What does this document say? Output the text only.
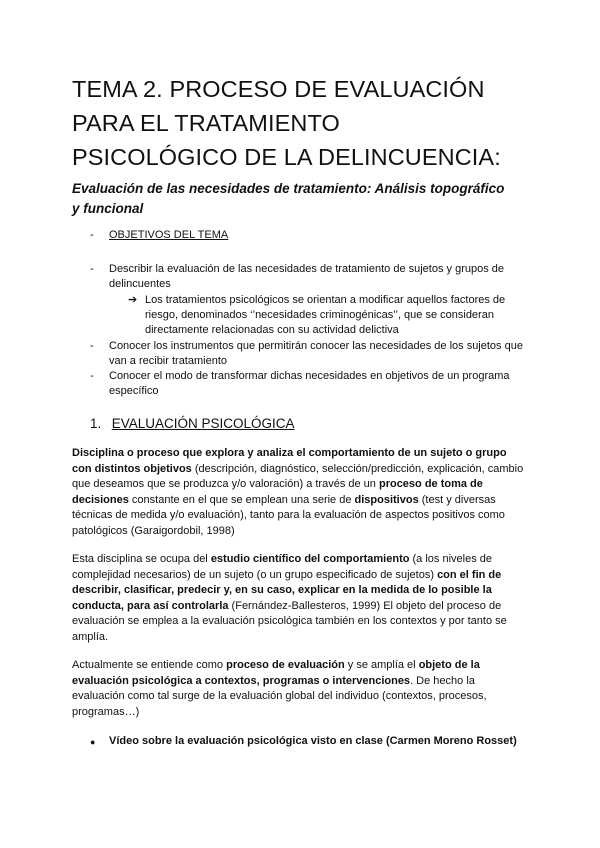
TEMA 2. PROCESO DE EVALUACIÓN
PARA EL TRATAMIENTO
PSICOLÓGICO DE LA DELINCUENCIA:
Evaluación de las necesidades de tratamiento: Análisis topográfico
y funcional
- OBJETIVOS DEL TEMA
- Describir la evaluación de las necesidades de tratamiento de sujetos y grupos de
delincuentes
➔ Los tratamientos psicológicos se orientan a modificar aquellos factores de
riesgo, denominados ‘’necesidades criminogénicas’’, que se consideran
directamente relacionadas con su actividad delictiva
- Conocer los instrumentos que permitirán conocer las necesidades de los sujetos que
van a recibir tratamiento
- Conocer el modo de transformar dichas necesidades en objetivos de un programa
específico
1. EVALUACIÓN PSICOLÓGICA
Disciplina o proceso que explora y analiza el comportamiento de un sujeto o grupo
con distintos objetivos (descripción, diagnóstico, selección/predicción, explicación, cambio
que deseamos que se produzca y/o valoración) a través de un proceso de toma de
decisiones constante en el que se emplean una serie de dispositivos (test y diversas
técnicas de medida y/o evaluación), tanto para la evaluación de aspectos positivos como
patológicos (Garaigordobil, 1998)
Esta disciplina se ocupa del estudio científico del comportamiento (a los niveles de
complejidad necesarios) de un sujeto (o un grupo especificado de sujetos) con el fin de
describir, clasificar, predecir y, en su caso, explicar en la medida de lo posible la
conducta, para así controlarla (Fernández-Ballesteros, 1999) El objeto del proceso de
evaluación se emplea a la evaluación psicológica también en los contextos y por tanto se
amplía.
Actualmente se entiende como proceso de evaluación y se amplía el objeto de la
evaluación psicológica a contextos, programas o intervenciones. De hecho la
evaluación como tal surge de la evaluación global del individuo (contextos, procesos,
programas…)
● Vídeo sobre la evaluación psicológica visto en clase (Carmen Moreno Rosset)
